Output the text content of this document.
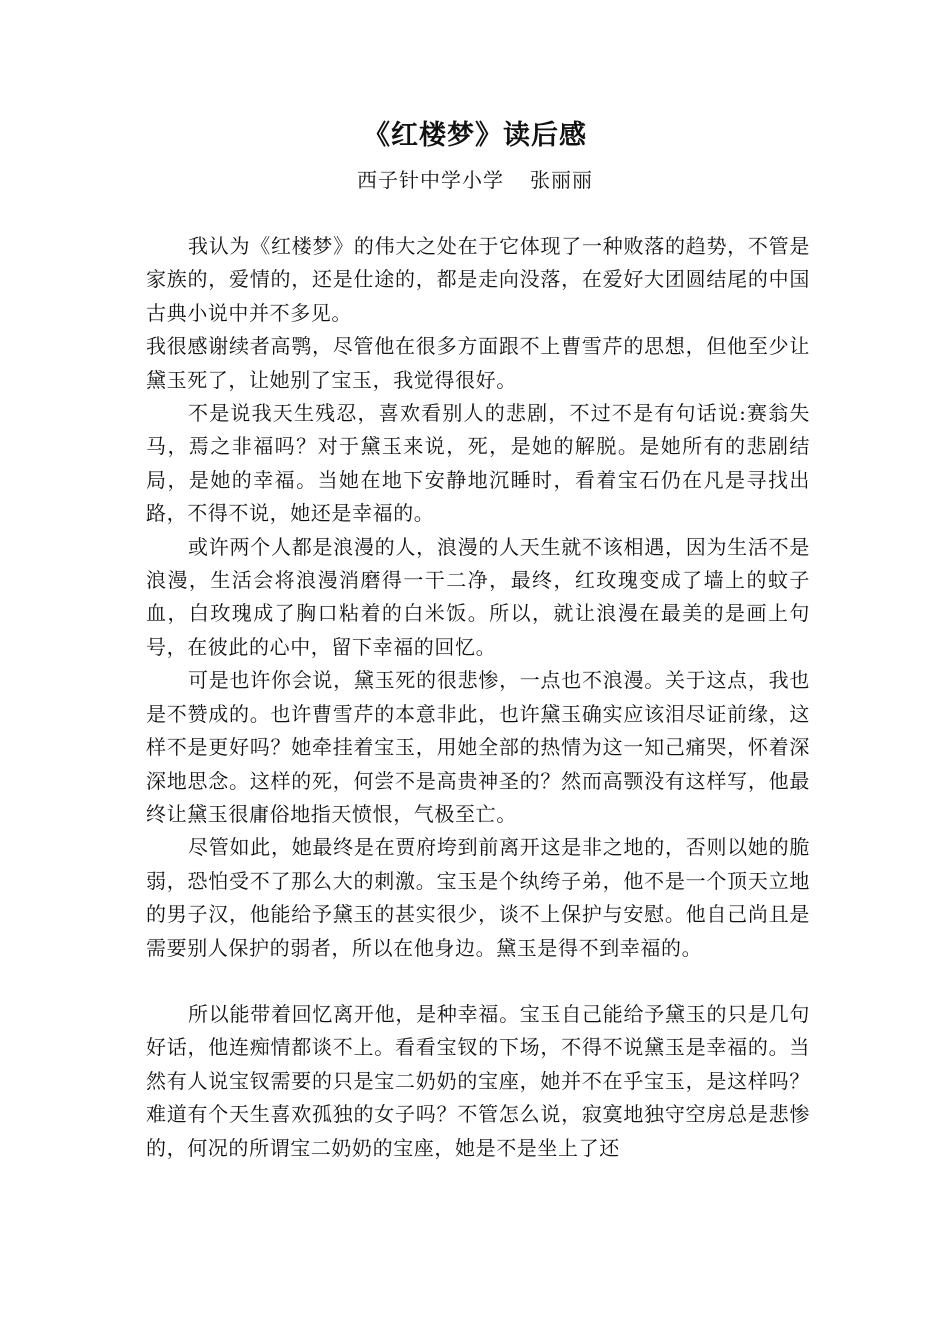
《红楼梦》读后感
西子针中学小学 张丽丽

我认为《红楼梦》的伟大之处在于它体现了一种败落的趋势，不管是家族的，爱情的，还是仕途的，都是走向没落，在爱好大团圆结尾的中国古典小说中并不多见。

我很感谢续者高鹗，尽管他在很多方面跟不上曹雪芹的思想，但他至少让黛玉死了，让她别了宝玉，我觉得很好。

不是说我天生残忍，喜欢看别人的悲剧，不过不是有句话说:赛翁失马，焉之非福吗？对于黛玉来说，死，是她的解脱。是她所有的悲剧结局，是她的幸福。当她在地下安静地沉睡时，看着宝石仍在凡是寻找出路，不得不说，她还是幸福的。

或许两个人都是浪漫的人，浪漫的人天生就不该相遇，因为生活不是浪漫，生活会将浪漫消磨得一干二净，最终，红玫瑰变成了墙上的蚊子血，白玫瑰成了胸口粘着的白米饭。所以，就让浪漫在最美的是画上句号，在彼此的心中，留下幸福的回忆。

可是也许你会说，黛玉死的很悲惨，一点也不浪漫。关于这点，我也是不赞成的。也许曹雪芹的本意非此，也许黛玉确实应该泪尽证前缘，这样不是更好吗？她牵挂着宝玉，用她全部的热情为这一知己痛哭，怀着深深地思念。这样的死，何尝不是高贵神圣的？然而高颚没有这样写，他最终让黛玉很庸俗地指天愤恨，气极至亡。

尽管如此，她最终是在贾府垮到前离开这是非之地的，否则以她的脆弱，恐怕受不了那么大的刺激。宝玉是个纨绔子弟，他不是一个顶天立地的男子汉，他能给予黛玉的甚实很少，谈不上保护与安慰。他自己尚且是需要别人保护的弱者，所以在他身边。黛玉是得不到幸福的。

所以能带着回忆离开他，是种幸福。宝玉自己能给予黛玉的只是几句好话，他连痴情都谈不上。看看宝钗的下场，不得不说黛玉是幸福的。当然有人说宝钗需要的只是宝二奶奶的宝座，她并不在乎宝玉，是这样吗？难道有个天生喜欢孤独的女子吗？不管怎么说，寂寞地独守空房总是悲惨的，何况的所谓宝二奶奶的宝座，她是不是坐上了还
